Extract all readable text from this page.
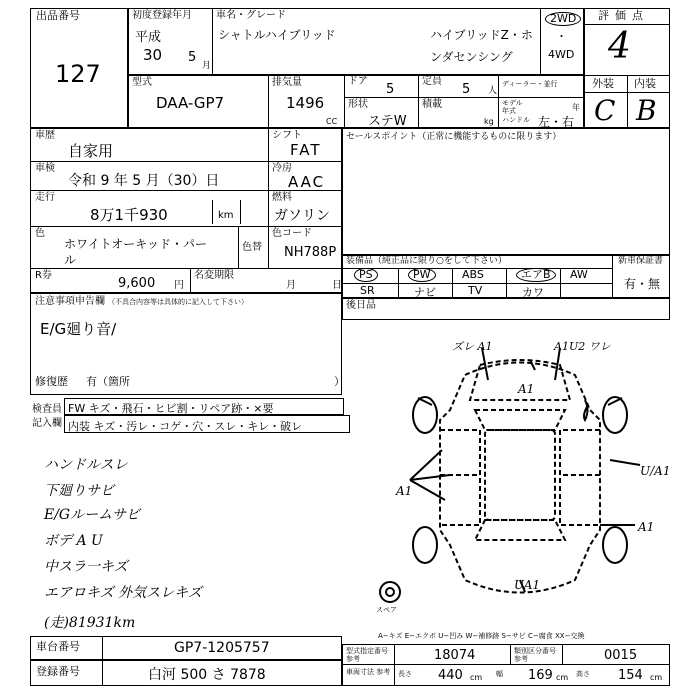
出品番号
127
初度登録年月
平成
30 5
月
車名・グレード
シャトルハイブリッド	ハイブリッドZ・ホ
ンダセンシング
2WD
・
4WD
評価点
4
外装 内装
C B
型式
DAA-GP7
排気量
1496
CC
ドア
5
定員
5 人
ディーラー・並行
モデル年式	年
形状
ステW
積載
kg ハンドル 左・右
車歴
自家用
シフト
FAT
車検
令和 9 年 5 月（30）日
冷房
AAC
走行
8万1千930	km
燃料
ガソリン
色
ホワイトオーキッド・パー
ル
色替
色コード
NH788P
R券
9,600 円
名変期限
月	日
セールスポイント（正常に機能するものに限ります）
装備品（純正品に限り○をして下さい）	新車保証書
有・無
PS	PW	ABS	エアB	AW
SR	ナビ	TV	カワ
後日品
注意事項申告欄 （不具合内容等は具体的に記入して下さい）
E/G廻り音/
修復歴 有（箇所	）
検査員
記入欄
FW キズ・飛石・ヒビ割・リペア跡・×要
内装 キズ・汚レ・コゲ・穴・スレ・キレ・破レ
ハンドルスレ
下廻りサビ
E/Gルームサビ
ボデ A U
中スラ一キズ
エアロキズ 外気スレキズ
(走)81931km
ズレ A1	A1U2 ワレ
A1
U/A1
A1
A1
UA1
スペア
A−キズ E−エクボ U−凹み W−補修跡 S−サビ C−腐食 XX−交換
車台番号	GP7-1205757
登録番号	白河 500 さ 7878
型式指定番号 参考	18074	類別区分番号 参考	0015
車両寸法 参考 長さ 440 cm 幅 169 cm 高さ 154 cm
